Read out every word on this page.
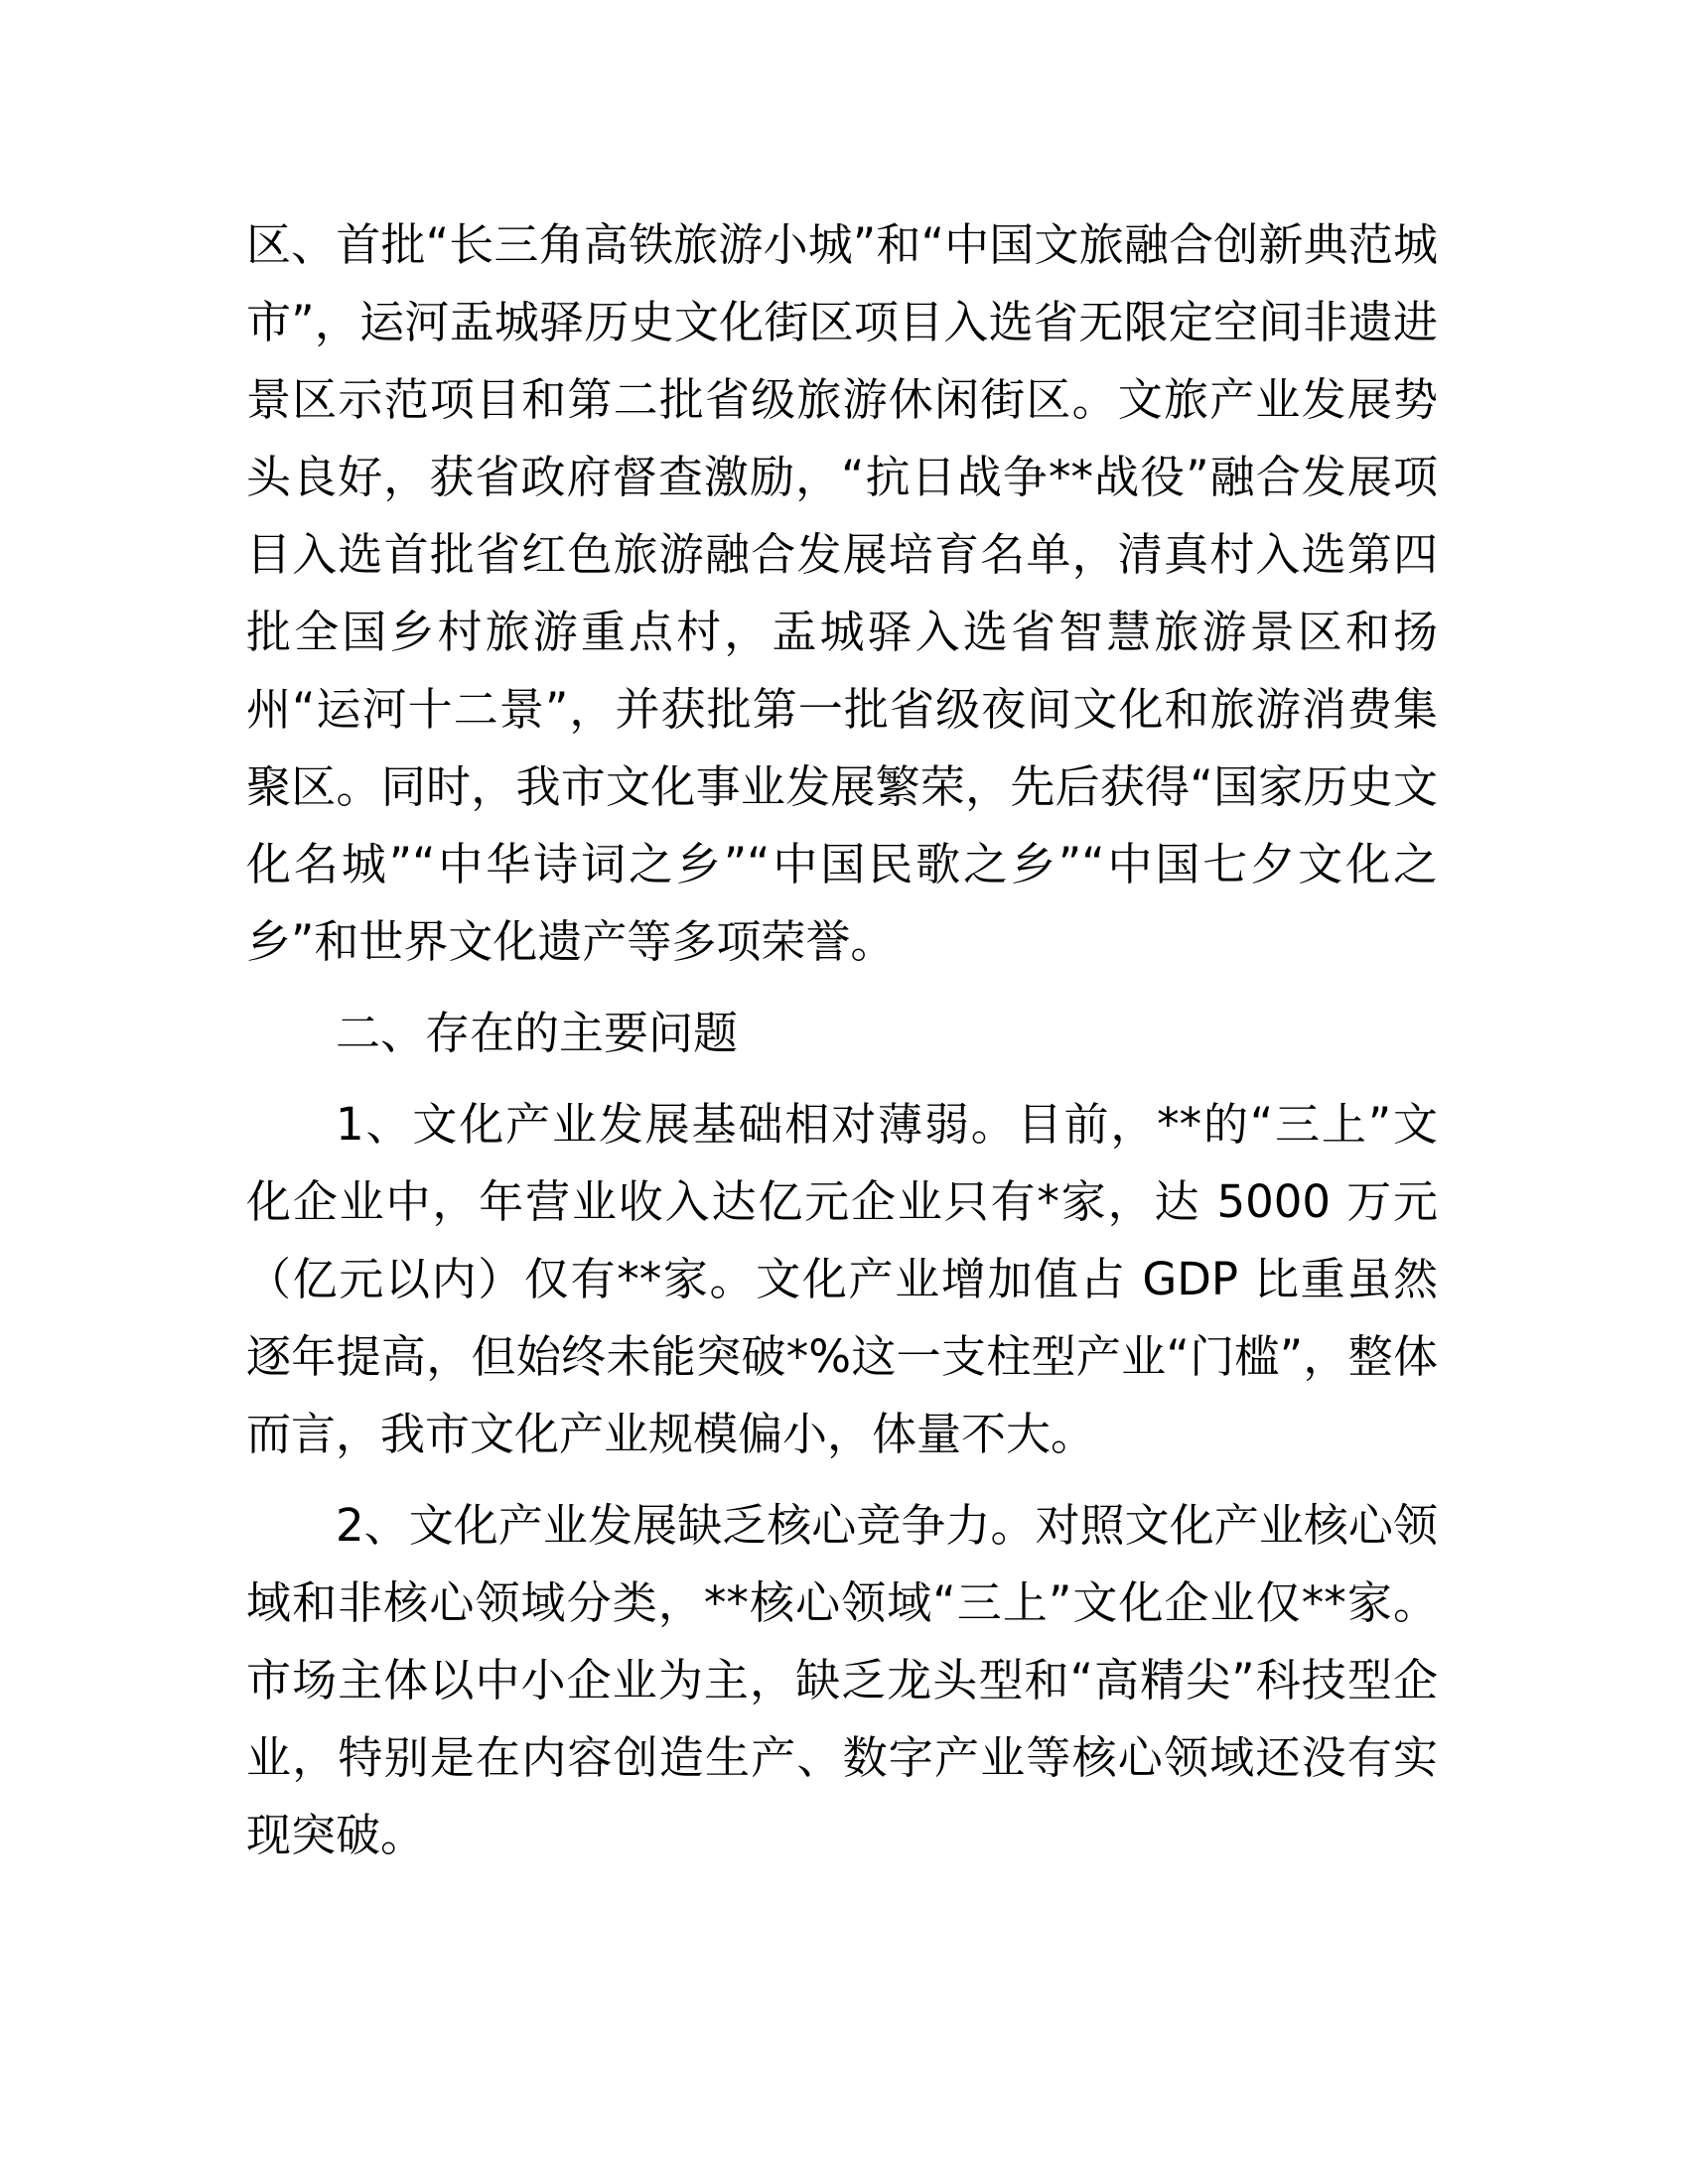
区、首批“长三角高铁旅游小城”和“中国文旅融合创新典范城市”，运河盂城驿历史文化街区项目入选省无限定空间非遗进景区示范项目和第二批省级旅游休闲街区。文旅产业发展势头良好，获省政府督查激励，“抗日战争**战役”融合发展项目入选首批省红色旅游融合发展培育名单，清真村入选第四批全国乡村旅游重点村，盂城驿入选省智慧旅游景区和扬州“运河十二景”，并获批第一批省级夜间文化和旅游消费集聚区。同时，我市文化事业发展繁荣，先后获得“国家历史文化名城”“中华诗词之乡”“中国民歌之乡”“中国七夕文化之乡”和世界文化遗产等多项荣誉。

二、存在的主要问题

1、文化产业发展基础相对薄弱。目前，**的“三上”文化企业中，年营业收入达亿元企业只有*家，达 5000 万元（亿元以内）仅有**家。文化产业增加值占 GDP 比重虽然逐年提高，但始终未能突破*%这一支柱型产业“门槛”，整体而言，我市文化产业规模偏小，体量不大。

2、文化产业发展缺乏核心竞争力。对照文化产业核心领域和非核心领域分类，**核心领域“三上”文化企业仅**家。市场主体以中小企业为主，缺乏龙头型和“高精尖”科技型企业，特别是在内容创造生产、数字产业等核心领域还没有实现突破。
